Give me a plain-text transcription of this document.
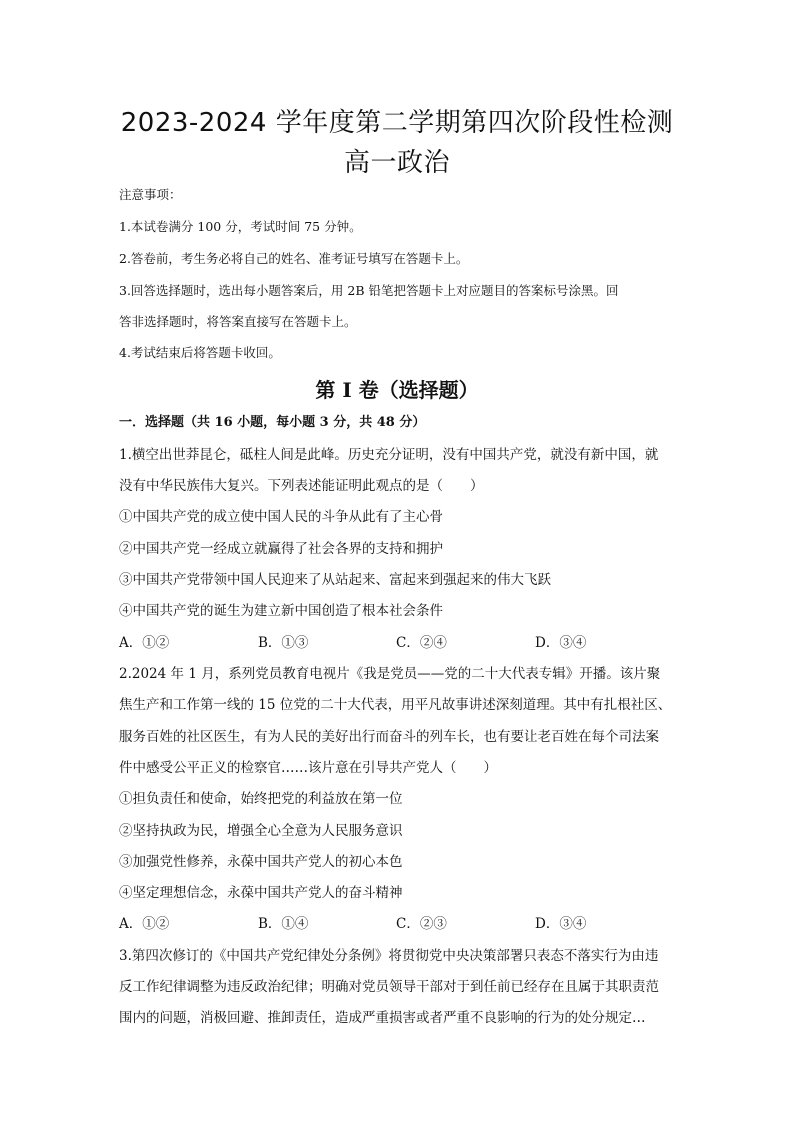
2023-2024 学年度第二学期第四次阶段性检测
高一政治
注意事项：
1.本试卷满分 100 分，考试时间 75 分钟。
2.答卷前，考生务必将自己的姓名、准考证号填写在答题卡上。
3.回答选择题时，选出每小题答案后，用 2B 铅笔把答题卡上对应题目的答案标号涂黑。回
答非选择题时，将答案直接写在答题卡上。
4.考试结束后将答题卡收回。
第 I 卷（选择题）
一．选择题（共 16 小题，每小题 3 分，共 48 分）
1.横空出世莽昆仑，砥柱人间是此峰。历史充分证明，没有中国共产党，就没有新中国，就
没有中华民族伟大复兴。下列表述能证明此观点的是（　　）
①中国共产党的成立使中国人民的斗争从此有了主心骨
②中国共产党一经成立就赢得了社会各界的支持和拥护
③中国共产党带领中国人民迎来了从站起来、富起来到强起来的伟大飞跃
④中国共产党的诞生为建立新中国创造了根本社会条件
A．①②	B．①③	C．②④	D．③④
2.2024 年 1 月，系列党员教育电视片《我是党员——党的二十大代表专辑》开播。该片聚
焦生产和工作第一线的 15 位党的二十大代表，用平凡故事讲述深刻道理。其中有扎根社区、
服务百姓的社区医生，有为人民的美好出行而奋斗的列车长，也有要让老百姓在每个司法案
件中感受公平正义的检察官……该片意在引导共产党人（　　）
①担负责任和使命，始终把党的利益放在第一位
②坚持执政为民，增强全心全意为人民服务意识
③加强党性修养，永葆中国共产党人的初心本色
④坚定理想信念，永葆中国共产党人的奋斗精神
A．①②	B．①④	C．②③	D．③④
3.第四次修订的《中国共产党纪律处分条例》将贯彻党中央决策部署只表态不落实行为由违
反工作纪律调整为违反政治纪律；明确对党员领导干部对于到任前已经存在且属于其职责范
围内的问题，消极回避、推卸责任，造成严重损害或者严重不良影响的行为的处分规定…
